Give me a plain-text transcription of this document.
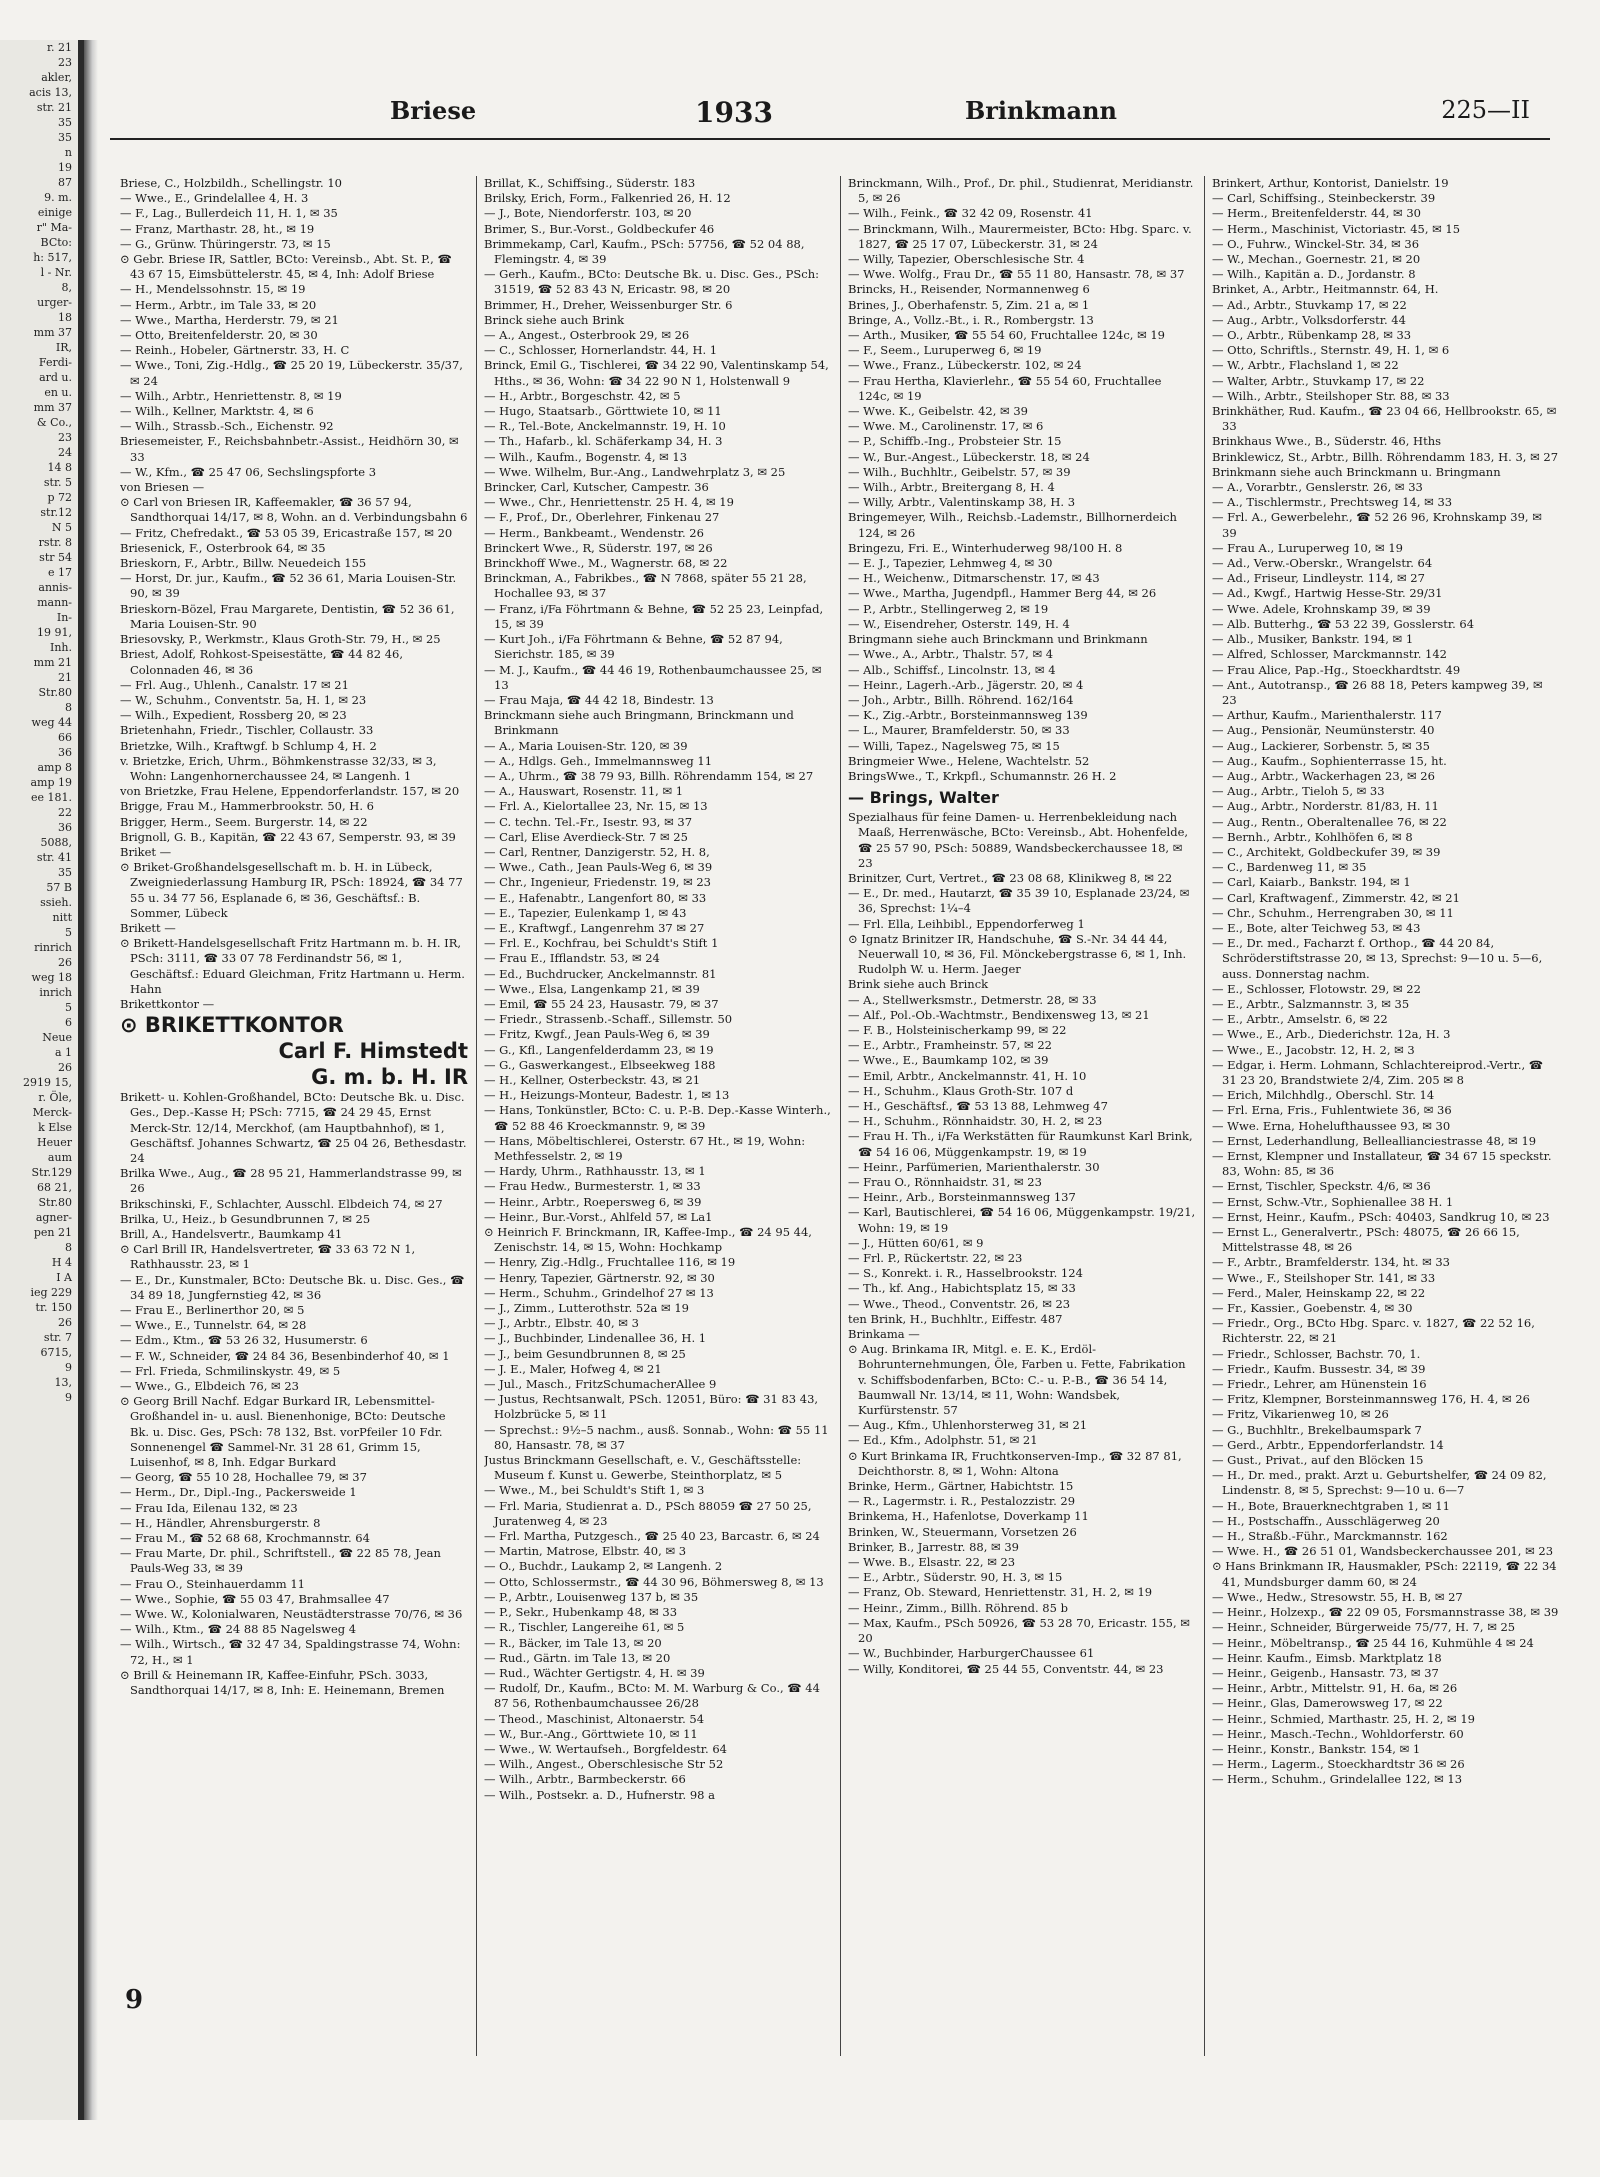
r. 21
23
akler,
acis 13,
str. 21
35
35
n
19
87
9. m.
einige
r" Ma-
BCto:
h: 517,
l - Nr.
8,
urger-
18
mm 37
IR,
Ferdi-
ard u.
en u.
mm 37
& Co.,
23
24
14 8
str. 5
p 72
str.12
N 5
rstr. 8
str 54
e 17
annis-
mann-
In-
19 91,
Inh.
mm 21
21
Str.80
8
weg 44
66
36
amp 8
amp 19
ee 181.
22
36
5088,
str. 41
35
57 B
ssieh.
nitt
5
rinrich
26
weg 18
inrich
5
6
Neue
a 1
26
2919 15,
r. Öle,
Merck-
k Else
Heuer
aum
Str.129
68 21,
Str.80
agner-
pen 21
8
H 4
I A
ieg 229
tr. 150
26
str. 7
6715,
9
13,
9
Briese	1933	Brinkmann	225—II

Briese, C., Holzbildh., Schellingstr. 10

— Wwe., E., Grindelallee 4, H. 3

— F., Lag., Bullerdeich 11, H. 1, ✉ 35

— Franz, Marthastr. 28, ht., ✉ 19

— G., Grünw. Thüringerstr. 73, ✉ 15

⊙ Gebr. Briese IR, Sattler, BCto: Vereinsb., Abt. St. P., ☎ 43 67 15, Eimsbüttelerstr. 45, ✉ 4, Inh: Adolf Briese

— H., Mendelssohnstr. 15, ✉ 19

— Herm., Arbtr., im Tale 33, ✉ 20

— Wwe., Martha, Herderstr. 79, ✉ 21

— Otto, Breitenfelderstr. 20, ✉ 30

— Reinh., Hobeler, Gärtnerstr. 33, H. C

— Wwe., Toni, Zig.-Hdlg., ☎ 25 20 19, Lübeckerstr. 35/37, ✉ 24

— Wilh., Arbtr., Henriettenstr. 8, ✉ 19

— Wilh., Kellner, Marktstr. 4, ✉ 6

— Wilh., Strassb.-Sch., Eichenstr. 92

Briesemeister, F., Reichsbahnbetr.-Assist., Heidhörn 30, ✉ 33

— W., Kfm., ☎ 25 47 06, Sechslingspforte 3

von Briesen —

⊙ Carl von Briesen IR, Kaffeemakler, ☎ 36 57 94, Sandthorquai 14/17, ✉ 8, Wohn. an d. Verbindungsbahn 6

— Fritz, Chefredakt., ☎ 53 05 39, Ericastraße 157, ✉ 20

Briesenick, F., Osterbrook 64, ✉ 35

Brieskorn, F., Arbtr., Billw. Neuedeich 155

— Horst, Dr. jur., Kaufm., ☎ 52 36 61, Maria Louisen-Str. 90, ✉ 39

Brieskorn-Bözel, Frau Margarete, Dentistin, ☎ 52 36 61, Maria Louisen-Str. 90

Briesovsky, P., Werkmstr., Klaus Groth-Str. 79, H., ✉ 25

Briest, Adolf, Rohkost-Speisestätte, ☎ 44 82 46, Colonnaden 46, ✉ 36

— Frl. Aug., Uhlenh., Canalstr. 17 ✉ 21

— W., Schuhm., Conventstr. 5a, H. 1, ✉ 23

— Wilh., Expedient, Rossberg 20, ✉ 23

Brietenhahn, Friedr., Tischler, Collaustr. 33

Brietzke, Wilh., Kraftwgf. b Schlump 4, H. 2

v. Brietzke, Erich, Uhrm., Böhmkenstrasse 32/33, ✉ 3, Wohn: Langenhornerchaussee 24, ✉ Langenh. 1

von Brietzke, Frau Helene, Eppendorferlandstr. 157, ✉ 20

Brigge, Frau M., Hammerbrookstr. 50, H. 6

Brigger, Herm., Seem. Burgerstr. 14, ✉ 22

Brignoll, G. B., Kapitän, ☎ 22 43 67, Semperstr. 93, ✉ 39

Briket —

⊙ Briket-Großhandelsgesellschaft m. b. H. in Lübeck, Zweigniederlassung Hamburg IR, PSch: 18924, ☎ 34 77 55 u. 34 77 56, Esplanade 6, ✉ 36, Geschäftsf.: B. Sommer, Lübeck

Brikett —

⊙ Brikett-Handelsgesellschaft Fritz Hartmann m. b. H. IR, PSch: 3111, ☎ 33 07 78 Ferdinandstr 56, ✉ 1, Geschäftsf.: Eduard Gleichman, Fritz Hartmann u. Herm. Hahn

Brikettkontor —

⊙ BRIKETTKONTOR

Carl F. Himstedt

G. m. b. H. IR

Brikett- u. Kohlen-Großhandel, BCto: Deutsche Bk. u. Disc. Ges., Dep.-Kasse H; PSch: 7715, ☎ 24 29 45, Ernst Merck-Str. 12/14, Merckhof, (am Hauptbahnhof), ✉ 1, Geschäftsf. Johannes Schwartz, ☎ 25 04 26, Bethesdastr. 24

Brilka Wwe., Aug., ☎ 28 95 21, Hammerlandstrasse 99, ✉ 26

Brikschinski, F., Schlachter, Ausschl. Elbdeich 74, ✉ 27

Brilka, U., Heiz., b Gesundbrunnen 7, ✉ 25

Brill, A., Handelsvertr., Baumkamp 41

⊙ Carl Brill IR, Handelsvertreter, ☎ 33 63 72 N 1, Rathhausstr. 23, ✉ 1

— E., Dr., Kunstmaler, BCto: Deutsche Bk. u. Disc. Ges., ☎ 34 89 18, Jungfernstieg 42, ✉ 36

— Frau E., Berlinerthor 20, ✉ 5

— Wwe., E., Tunnelstr. 64, ✉ 28

— Edm., Ktm., ☎ 53 26 32, Husumerstr. 6

— F. W., Schneider, ☎ 24 84 36, Besenbinderhof 40, ✉ 1

— Frl. Frieda, Schmilinskystr. 49, ✉ 5

— Wwe., G., Elbdeich 76, ✉ 23

⊙ Georg Brill Nachf. Edgar Burkard IR, Lebensmittel-Großhandel in- u. ausl. Bienenhonige, BCto: Deutsche Bk. u. Disc. Ges, PSch: 78 132, Bst. vorPfeiler 10 Fdr. Sonnenengel ☎ Sammel-Nr. 31 28 61, Grimm 15, Luisenhof, ✉ 8, Inh. Edgar Burkard

— Georg, ☎ 55 10 28, Hochallee 79, ✉ 37

— Herm., Dr., Dipl.-Ing., Packersweide 1

— Frau Ida, Eilenau 132, ✉ 23

— H., Händler, Ahrensburgerstr. 8

— Frau M., ☎ 52 68 68, Krochmannstr. 64

— Frau Marte, Dr. phil., Schriftstell., ☎ 22 85 78, Jean Pauls-Weg 33, ✉ 39

— Frau O., Steinhauerdamm 11

— Wwe., Sophie, ☎ 55 03 47, Brahmsallee 47

— Wwe. W., Kolonialwaren, Neustädterstrasse 70/76, ✉ 36

— Wilh., Ktm., ☎ 24 88 85 Nagelsweg 4

— Wilh., Wirtsch., ☎ 32 47 34, Spaldingstrasse 74, Wohn: 72, H., ✉ 1

⊙ Brill & Heinemann IR, Kaffee-Einfuhr, PSch. 3033, Sandthorquai 14/17, ✉ 8, Inh: E. Heinemann, Bremen

Brillat, K., Schiffsing., Süderstr. 183

Brilsky, Erich, Form., Falkenried 26, H. 12

— J., Bote, Niendorferstr. 103, ✉ 20

Brimer, S., Bur.-Vorst., Goldbeckufer 46

Brimmekamp, Carl, Kaufm., PSch: 57756, ☎ 52 04 88, Flemingstr. 4, ✉ 39

— Gerh., Kaufm., BCto: Deutsche Bk. u. Disc. Ges., PSch: 31519, ☎ 52 83 43 N, Ericastr. 98, ✉ 20

Brimmer, H., Dreher, Weissenburger Str. 6

Brinck siehe auch Brink

— A., Angest., Osterbrook 29, ✉ 26

— C., Schlosser, Hornerlandstr. 44, H. 1

Brinck, Emil G., Tischlerei, ☎ 34 22 90, Valentinskamp 54, Hths., ✉ 36, Wohn: ☎ 34 22 90 N 1, Holstenwall 9

— H., Arbtr., Borgeschstr. 42, ✉ 5

— Hugo, Staatsarb., Görttwiete 10, ✉ 11

— R., Tel.-Bote, Anckelmannstr. 19, H. 10

— Th., Hafarb., kl. Schäferkamp 34, H. 3

— Wilh., Kaufm., Bogenstr. 4, ✉ 13

— Wwe. Wilhelm, Bur.-Ang., Landwehrplatz 3, ✉ 25

Brincker, Carl, Kutscher, Campestr. 36

— Wwe., Chr., Henriettenstr. 25 H. 4, ✉ 19

— F., Prof., Dr., Oberlehrer, Finkenau 27

— Herm., Bankbeamt., Wendenstr. 26

Brinckert Wwe., R, Süderstr. 197, ✉ 26

Brinckhoff Wwe., M., Wagnerstr. 68, ✉ 22

Brinckman, A., Fabrikbes., ☎ N 7868, später 55 21 28, Hochallee 93, ✉ 37

— Franz, i/Fa Föhrtmann & Behne, ☎ 52 25 23, Leinpfad, 15, ✉ 39

— Kurt Joh., i/Fa Föhrtmann & Behne, ☎ 52 87 94, Sierichstr. 185, ✉ 39

— M. J., Kaufm., ☎ 44 46 19, Rothenbaumchaussee 25, ✉ 13

— Frau Maja, ☎ 44 42 18, Bindestr. 13

Brinckmann siehe auch Bringmann, Brinckmann und Brinkmann

— A., Maria Louisen-Str. 120, ✉ 39

— A., Hdlgs. Geh., Immelmannsweg 11

— A., Uhrm., ☎ 38 79 93, Billh. Röhrendamm 154, ✉ 27

— A., Hauswart, Rosenstr. 11, ✉ 1

— Frl. A., Kielortallee 23, Nr. 15, ✉ 13

— C. techn. Tel.-Fr., Isestr. 93, ✉ 37

— Carl, Elise Averdieck-Str. 7 ✉ 25

— Carl, Rentner, Danzigerstr. 52, H. 8,

— Wwe., Cath., Jean Pauls-Weg 6, ✉ 39

— Chr., Ingenieur, Friedenstr. 19, ✉ 23

— E., Hafenabtr., Langenfort 80, ✉ 33

— E., Tapezier, Eulenkamp 1, ✉ 43

— E., Kraftwgf., Langenrehm 37 ✉ 27

— Frl. E., Kochfrau, bei Schuldt's Stift 1

— Frau E., Ifflandstr. 53, ✉ 24

— Ed., Buchdrucker, Anckelmannstr. 81

— Wwe., Elsa, Langenkamp 21, ✉ 39

— Emil, ☎ 55 24 23, Hausastr. 79, ✉ 37

— Friedr., Strassenb.-Schaff., Sillemstr. 50

— Fritz, Kwgf., Jean Pauls-Weg 6, ✉ 39

— G., Kfl., Langenfelderdamm 23, ✉ 19

— G., Gaswerkangest., Elbseekweg 188

— H., Kellner, Osterbeckstr. 43, ✉ 21

— H., Heizungs-Monteur, Badestr. 1, ✉ 13

— Hans, Tonkünstler, BCto: C. u. P.-B. Dep.-Kasse Winterh., ☎ 52 88 46 Kroeckmannstr. 9, ✉ 39

— Hans, Möbeltischlerei, Osterstr. 67 Ht., ✉ 19, Wohn: Methfesselstr. 2, ✉ 19

— Hardy, Uhrm., Rathhausstr. 13, ✉ 1

— Frau Hedw., Burmesterstr. 1, ✉ 33

— Heinr., Arbtr., Roepersweg 6, ✉ 39

— Heinr., Bur.-Vorst., Ahlfeld 57, ✉ La1

⊙ Heinrich F. Brinckmann, IR, Kaffee-Imp., ☎ 24 95 44, Zenischstr. 14, ✉ 15, Wohn: Hochkamp

— Henry, Zig.-Hdlg., Fruchtallee 116, ✉ 19

— Henry, Tapezier, Gärtnerstr. 92, ✉ 30

— Herm., Schuhm., Grindelhof 27 ✉ 13

— J., Zimm., Lutterothstr. 52a ✉ 19

— J., Arbtr., Elbstr. 40, ✉ 3

— J., Buchbinder, Lindenallee 36, H. 1

— J., beim Gesundbrunnen 8, ✉ 25

— J. E., Maler, Hofweg 4, ✉ 21

— Jul., Masch., FritzSchumacherAllee 9

— Justus, Rechtsanwalt, PSch. 12051, Büro: ☎ 31 83 43, Holzbrücke 5, ✉ 11

— Sprechst.: 9½–5 nachm., ausß. Sonnab., Wohn: ☎ 55 11 80, Hansastr. 78, ✉ 37

Justus Brinckmann Gesellschaft, e. V., Geschäftsstelle: Museum f. Kunst u. Gewerbe, Steinthorplatz, ✉ 5

— Wwe., M., bei Schuldt's Stift 1, ✉ 3

— Frl. Maria, Studienrat a. D., PSch 88059 ☎ 27 50 25, Juratenweg 4, ✉ 23

— Frl. Martha, Putzgesch., ☎ 25 40 23, Barcastr. 6, ✉ 24

— Martin, Matrose, Elbstr. 40, ✉ 3

— O., Buchdr., Laukamp 2, ✉ Langenh. 2

— Otto, Schlossermstr., ☎ 44 30 96, Böhmersweg 8, ✉ 13

— P., Arbtr., Louisenweg 137 b, ✉ 35

— P., Sekr., Hubenkamp 48, ✉ 33

— R., Tischler, Langereihe 61, ✉ 5

— R., Bäcker, im Tale 13, ✉ 20

— Rud., Gärtn. im Tale 13, ✉ 20

— Rud., Wächter Gertigstr. 4, H. ✉ 39

— Rudolf, Dr., Kaufm., BCto: M. M. Warburg & Co., ☎ 44 87 56, Rothenbaumchaussee 26/28

— Theod., Maschinist, Altonaerstr. 54

— W., Bur.-Ang., Görttwiete 10, ✉ 11

— Wwe., W. Wertaufseh., Borgfeldestr. 64

— Wilh., Angest., Oberschlesische Str 52

— Wilh., Arbtr., Barmbeckerstr. 66

— Wilh., Postsekr. a. D., Hufnerstr. 98 a

Brinckmann, Wilh., Prof., Dr. phil., Studienrat, Meridianstr. 5, ✉ 26

— Wilh., Feink., ☎ 32 42 09, Rosenstr. 41

— Brinckmann, Wilh., Maurermeister, BCto: Hbg. Sparc. v. 1827, ☎ 25 17 07, Lübeckerstr. 31, ✉ 24

— Willy, Tapezier, Oberschlesische Str. 4

— Wwe. Wolfg., Frau Dr., ☎ 55 11 80, Hansastr. 78, ✉ 37

Brincks, H., Reisender, Normannenweg 6

Brines, J., Oberhafenstr. 5, Zim. 21 a, ✉ 1

Bringe, A., Vollz.-Bt., i. R., Rombergstr. 13

— Arth., Musiker, ☎ 55 54 60, Fruchtallee 124c, ✉ 19

— F., Seem., Luruperweg 6, ✉ 19

— Wwe., Franz., Lübeckerstr. 102, ✉ 24

— Frau Hertha, Klavierlehr., ☎ 55 54 60, Fruchtallee 124c, ✉ 19

— Wwe. K., Geibelstr. 42, ✉ 39

— Wwe. M., Carolinenstr. 17, ✉ 6

— P., Schiffb.-Ing., Probsteier Str. 15

— W., Bur.-Angest., Lübeckerstr. 18, ✉ 24

— Wilh., Buchhltr., Geibelstr. 57, ✉ 39

— Wilh., Arbtr., Breitergang 8, H. 4

— Willy, Arbtr., Valentinskamp 38, H. 3

Bringemeyer, Wilh., Reichsb.-Lademstr., Billhornerdeich 124, ✉ 26

Bringezu, Fri. E., Winterhuderweg 98/100 H. 8

— E. J., Tapezier, Lehmweg 4, ✉ 30

— H., Weichenw., Ditmarschenstr. 17, ✉ 43

— Wwe., Martha, Jugendpfl., Hammer Berg 44, ✉ 26

— P., Arbtr., Stellingerweg 2, ✉ 19

— W., Eisendreher, Osterstr. 149, H. 4

Bringmann siehe auch Brinckmann und Brinkmann

— Wwe., A., Arbtr., Thalstr. 57, ✉ 4

— Alb., Schiffsf., Lincolnstr. 13, ✉ 4

— Heinr., Lagerh.-Arb., Jägerstr. 20, ✉ 4

— Joh., Arbtr., Billh. Röhrend. 162/164

— K., Zig.-Arbtr., Borsteinmannsweg 139

— L., Maurer, Bramfelderstr. 50, ✉ 33

— Willi, Tapez., Nagelsweg 75, ✉ 15

Bringmeier Wwe., Helene, Wachtelstr. 52

BringsWwe., T., Krkpfl., Schumannstr. 26 H. 2

— Brings, Walter

Spezialhaus für feine Damen- u. Herrenbekleidung nach Maaß, Herrenwäsche, BCto: Vereinsb., Abt. Hohenfelde, ☎ 25 57 90, PSch: 50889, Wandsbeckerchaussee 18, ✉ 23

Brinitzer, Curt, Vertret., ☎ 23 08 68, Klinikweg 8, ✉ 22

— E., Dr. med., Hautarzt, ☎ 35 39 10, Esplanade 23/24, ✉ 36, Sprechst: 1¼–4

— Frl. Ella, Leihbibl., Eppendorferweg 1

⊙ Ignatz Brinitzer IR, Handschuhe, ☎ S.-Nr. 34 44 44, Neuerwall 10, ✉ 36, Fil. Mönckebergstrasse 6, ✉ 1, Inh. Rudolph W. u. Herm. Jaeger

Brink siehe auch Brinck

— A., Stellwerksmstr., Detmerstr. 28, ✉ 33

— Alf., Pol.-Ob.-Wachtmstr., Bendixensweg 13, ✉ 21

— F. B., Holsteinischerkamp 99, ✉ 22

— E., Arbtr., Framheinstr. 57, ✉ 22

— Wwe., E., Baumkamp 102, ✉ 39

— Emil, Arbtr., Anckelmannstr. 41, H. 10

— H., Schuhm., Klaus Groth-Str. 107 d

— H., Geschäftsf., ☎ 53 13 88, Lehmweg 47

— H., Schuhm., Rönnhaidstr. 30, H. 2, ✉ 23

— Frau H. Th., i/Fa Werkstätten für Raumkunst Karl Brink, ☎ 54 16 06, Müggenkampstr. 19, ✉ 19

— Heinr., Parfümerien, Marienthalerstr. 30

— Frau O., Rönnhaidstr. 31, ✉ 23

— Heinr., Arb., Borsteinmannsweg 137

— Karl, Bautischlerei, ☎ 54 16 06, Müggenkampstr. 19/21, Wohn: 19, ✉ 19

— J., Hütten 60/61, ✉ 9

— Frl. P., Rückertstr. 22, ✉ 23

— S., Konrekt. i. R., Hasselbrookstr. 124

— Th., kf. Ang., Habichtsplatz 15, ✉ 33

— Wwe., Theod., Conventstr. 26, ✉ 23

ten Brink, H., Buchhltr., Eiffestr. 487

Brinkama —

⊙ Aug. Brinkama IR, Mitgl. e. E. K., Erdöl-Bohrunternehmungen, Öle, Farben u. Fette, Fabrikation v. Schiffsbodenfarben, BCto: C.- u. P.-B., ☎ 36 54 14, Baumwall Nr. 13/14, ✉ 11, Wohn: Wandsbek, Kurfürstenstr. 57

— Aug., Kfm., Uhlenhorsterweg 31, ✉ 21

— Ed., Kfm., Adolphstr. 51, ✉ 21

⊙ Kurt Brinkama IR, Fruchtkonserven-Imp., ☎ 32 87 81, Deichthorstr. 8, ✉ 1, Wohn: Altona

Brinke, Herm., Gärtner, Habichtstr. 15

— R., Lagermstr. i. R., Pestalozzistr. 29

Brinkema, H., Hafenlotse, Doverkamp 11

Brinken, W., Steuermann, Vorsetzen 26

Brinker, B., Jarrestr. 88, ✉ 39

— Wwe. B., Elsastr. 22, ✉ 23

— E., Arbtr., Süderstr. 90, H. 3, ✉ 15

— Franz, Ob. Steward, Henriettenstr. 31, H. 2, ✉ 19

— Heinr., Zimm., Billh. Röhrend. 85 b

— Max, Kaufm., PSch 50926, ☎ 53 28 70, Ericastr. 155, ✉ 20

— W., Buchbinder, HarburgerChaussee 61

— Willy, Konditorei, ☎ 25 44 55, Conventstr. 44, ✉ 23

Brinkert, Arthur, Kontorist, Danielstr. 19

— Carl, Schiffsing., Steinbeckerstr. 39

— Herm., Breitenfelderstr. 44, ✉ 30

— Herm., Maschinist, Victoriastr. 45, ✉ 15

— O., Fuhrw., Winckel-Str. 34, ✉ 36

— W., Mechan., Goernestr. 21, ✉ 20

— Wilh., Kapitän a. D., Jordanstr. 8

Brinket, A., Arbtr., Heitmannstr. 64, H.

— Ad., Arbtr., Stuvkamp 17, ✉ 22

— Aug., Arbtr., Volksdorferstr. 44

— O., Arbtr., Rübenkamp 28, ✉ 33

— Otto, Schriftls., Sternstr. 49, H. 1, ✉ 6

— W., Arbtr., Flachsland 1, ✉ 22

— Walter, Arbtr., Stuvkamp 17, ✉ 22

— Wilh., Arbtr., Steilshoper Str. 88, ✉ 33

Brinkhäther, Rud. Kaufm., ☎ 23 04 66, Hellbrookstr. 65, ✉ 33

Brinkhaus Wwe., B., Süderstr. 46, Hths

Brinklewicz, St., Arbtr., Billh. Röhrendamm 183, H. 3, ✉ 27

Brinkmann siehe auch Brinckmann u. Bringmann

— A., Vorarbtr., Genslerstr. 26, ✉ 33

— A., Tischlermstr., Prechtsweg 14, ✉ 33

— Frl. A., Gewerbelehr., ☎ 52 26 96, Krohnskamp 39, ✉ 39

— Frau A., Luruperweg 10, ✉ 19

— Ad., Verw.-Oberskr., Wrangelstr. 64

— Ad., Friseur, Lindleystr. 114, ✉ 27

— Ad., Kwgf., Hartwig Hesse-Str. 29/31

— Wwe. Adele, Krohnskamp 39, ✉ 39

— Alb. Butterhg., ☎ 53 22 39, Gosslerstr. 64

— Alb., Musiker, Bankstr. 194, ✉ 1

— Alfred, Schlosser, Marckmannstr. 142

— Frau Alice, Pap.-Hg., Stoeckhardtstr. 49

— Ant., Autotransp., ☎ 26 88 18, Peters kampweg 39, ✉ 23

— Arthur, Kaufm., Marienthalerstr. 117

— Aug., Pensionär, Neumünsterstr. 40

— Aug., Lackierer, Sorbenstr. 5, ✉ 35

— Aug., Kaufm., Sophienterrasse 15, ht.

— Aug., Arbtr., Wackerhagen 23, ✉ 26

— Aug., Arbtr., Tieloh 5, ✉ 33

— Aug., Arbtr., Norderstr. 81/83, H. 11

— Aug., Rentn., Oberaltenallee 76, ✉ 22

— Bernh., Arbtr., Kohlhöfen 6, ✉ 8

— C., Architekt, Goldbeckufer 39, ✉ 39

— C., Bardenweg 11, ✉ 35

— Carl, Kaiarb., Bankstr. 194, ✉ 1

— Carl, Kraftwagenf., Zimmerstr. 42, ✉ 21

— Chr., Schuhm., Herrengraben 30, ✉ 11

— E., Bote, alter Teichweg 53, ✉ 43

— E., Dr. med., Facharzt f. Orthop., ☎ 44 20 84, Schröderstiftstrasse 20, ✉ 13, Sprechst: 9—10 u. 5—6, auss. Donnerstag nachm.

— E., Schlosser, Flotowstr. 29, ✉ 22

— E., Arbtr., Salzmannstr. 3, ✉ 35

— E., Arbtr., Amselstr. 6, ✉ 22

— Wwe., E., Arb., Diederichstr. 12a, H. 3

— Wwe., E., Jacobstr. 12, H. 2, ✉ 3

— Edgar, i. Herm. Lohmann, Schlachtereiprod.-Vertr., ☎ 31 23 20, Brandstwiete 2/4, Zim. 205 ✉ 8

— Erich, Milchhdlg., Oberschl. Str. 14

— Frl. Erna, Fris., Fuhlentwiete 36, ✉ 36

— Wwe. Erna, Hohelufthaussee 93, ✉ 30

— Ernst, Lederhandlung, Belleallianciestrasse 48, ✉ 19

— Ernst, Klempner und Installateur, ☎ 34 67 15 speckstr. 83, Wohn: 85, ✉ 36

— Ernst, Tischler, Speckstr. 4/6, ✉ 36

— Ernst, Schw.-Vtr., Sophienallee 38 H. 1

— Ernst, Heinr., Kaufm., PSch: 40403, Sandkrug 10, ✉ 23

— Ernst L., Generalvertr., PSch: 48075, ☎ 26 66 15, Mittelstrasse 48, ✉ 26

— F., Arbtr., Bramfelderstr. 134, ht. ✉ 33

— Wwe., F., Steilshoper Str. 141, ✉ 33

— Ferd., Maler, Heinskamp 22, ✉ 22

— Fr., Kassier., Goebenstr. 4, ✉ 30

— Friedr., Org., BCto Hbg. Sparc. v. 1827, ☎ 22 52 16, Richterstr. 22, ✉ 21

— Friedr., Schlosser, Bachstr. 70, 1.

— Friedr., Kaufm. Bussestr. 34, ✉ 39

— Friedr., Lehrer, am Hünenstein 16

— Fritz, Klempner, Borsteinmannsweg 176, H. 4, ✉ 26

— Fritz, Vikarienweg 10, ✉ 26

— G., Buchhltr., Brekelbaumspark 7

— Gerd., Arbtr., Eppendorferlandstr. 14

— Gust., Privat., auf den Blöcken 15

— H., Dr. med., prakt. Arzt u. Geburtshelfer, ☎ 24 09 82, Lindenstr. 8, ✉ 5, Sprechst: 9—10 u. 6—7

— H., Bote, Brauerknechtgraben 1, ✉ 11

— H., Postschaffn., Ausschlägerweg 20

— H., Straßb.-Führ., Marckmannstr. 162

— Wwe. H., ☎ 26 51 01, Wandsbeckerchaussee 201, ✉ 23

⊙ Hans Brinkmann IR, Hausmakler, PSch: 22119, ☎ 22 34 41, Mundsburger damm 60, ✉ 24

— Wwe., Hedw., Stresowstr. 55, H. B, ✉ 27

— Heinr., Holzexp., ☎ 22 09 05, Forsmannstrasse 38, ✉ 39

— Heinr., Schneider, Bürgerweide 75/77, H. 7, ✉ 25

— Heinr., Möbeltransp., ☎ 25 44 16, Kuhmühle 4 ✉ 24

— Heinr. Kaufm., Eimsb. Marktplatz 18

— Heinr., Geigenb., Hansastr. 73, ✉ 37

— Heinr., Arbtr., Mittelstr. 91, H. 6a, ✉ 26

— Heinr., Glas, Damerowsweg 17, ✉ 22

— Heinr., Schmied, Marthastr. 25, H. 2, ✉ 19

— Heinr., Masch.-Techn., Wohldorferstr. 60

— Heinr., Konstr., Bankstr. 154, ✉ 1

— Herm., Lagerm., Stoeckhardtstr 36 ✉ 26

— Herm., Schuhm., Grindelallee 122, ✉ 13

9
